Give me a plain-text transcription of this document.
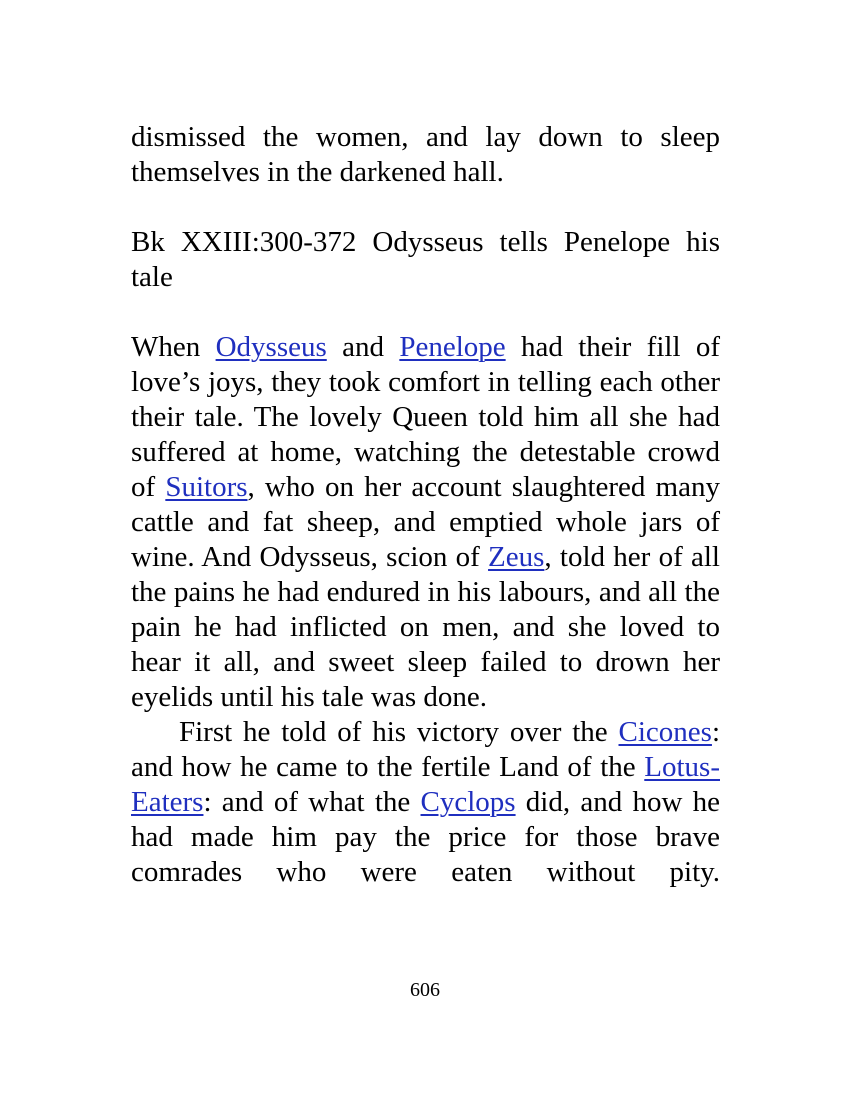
dismissed the women, and lay down to sleep themselves in the darkened hall.

Bk XXIII:300-372 Odysseus tells Penelope his tale

When Odysseus and Penelope had their fill of love’s joys, they took comfort in telling each other their tale. The lovely Queen told him all she had suffered at home, watching the detestable crowd of Suitors, who on her account slaughtered many cattle and fat sheep, and emptied whole jars of wine. And Odysseus, scion of Zeus, told her of all the pains he had endured in his labours, and all the pain he had inflicted on men, and she loved to hear it all, and sweet sleep failed to drown her eyelids until his tale was done.

First he told of his victory over the Cicones: and how he came to the fertile Land of the Lotus-Eaters: and of what the Cyclops did, and how he had made him pay the price for those brave comrades who were eaten without pity.

606
